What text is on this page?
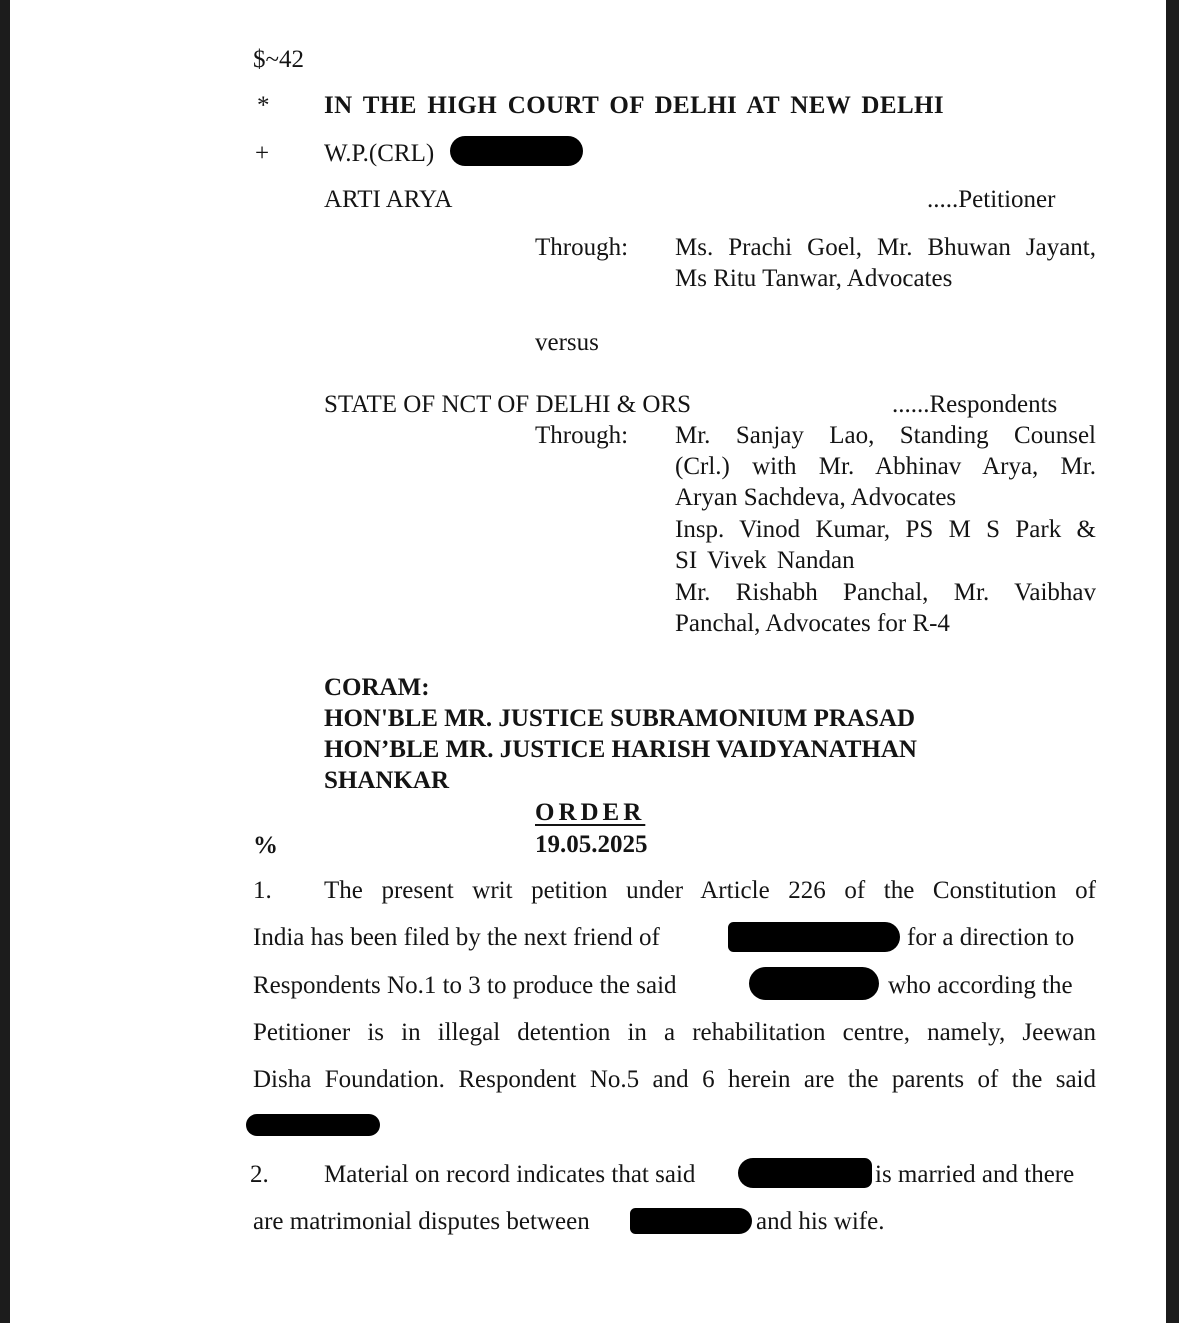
$~42
* IN THE HIGH COURT OF DELHI AT NEW DELHI
+ W.P.(CRL)
ARTI ARYA	.....Petitioner
Through: Ms. Prachi Goel, Mr. Bhuwan Jayant,
Ms Ritu Tanwar, Advocates
versus
STATE OF NCT OF DELHI & ORS	......Respondents
Through: Mr. Sanjay Lao, Standing Counsel
(Crl.) with Mr. Abhinav Arya, Mr.
Aryan Sachdeva, Advocates
Insp. Vinod Kumar, PS M S Park &
SI Vivek Nandan
Mr. Rishabh Panchal, Mr. Vaibhav
Panchal, Advocates for R-4
CORAM:
HON'BLE MR. JUSTICE SUBRAMONIUM PRASAD
HON’BLE MR. JUSTICE HARISH VAIDYANATHAN
SHANKAR
ORDER
%	19.05.2025
1. The present writ petition under Article 226 of the Constitution of
India has been filed by the next friend of	for a direction to
Respondents No.1 to 3 to produce the said	who according the
Petitioner is in illegal detention in a rehabilitation centre, namely, Jeewan
Disha Foundation. Respondent No.5 and 6 herein are the parents of the said
2. Material on record indicates that said	is married and there
are matrimonial disputes between	and his wife.
